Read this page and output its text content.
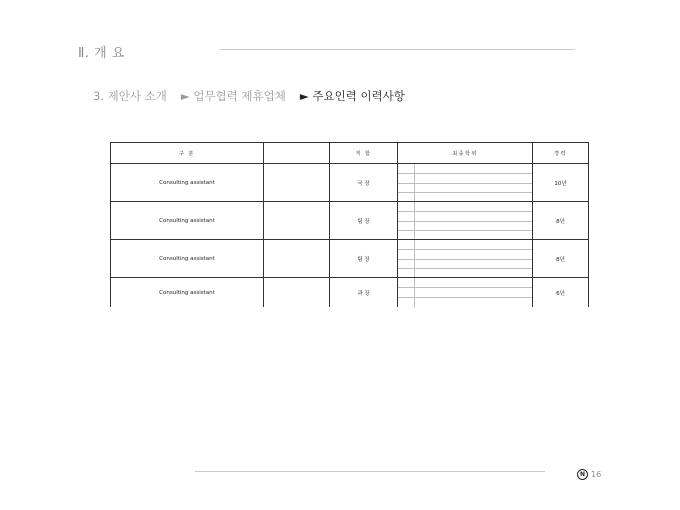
Ⅱ. 개 요
3. 제안사 소개 ► 업무협력 제휴업체 ► 주요인력 이력사항
구 분		직 함	최종학위	경력
Consulting assistant		국 장		10년
Consulting assistant		팀 장		8년
Consulting assistant		팀 장		8년
Consulting assistant		과 장		6년
N 16
